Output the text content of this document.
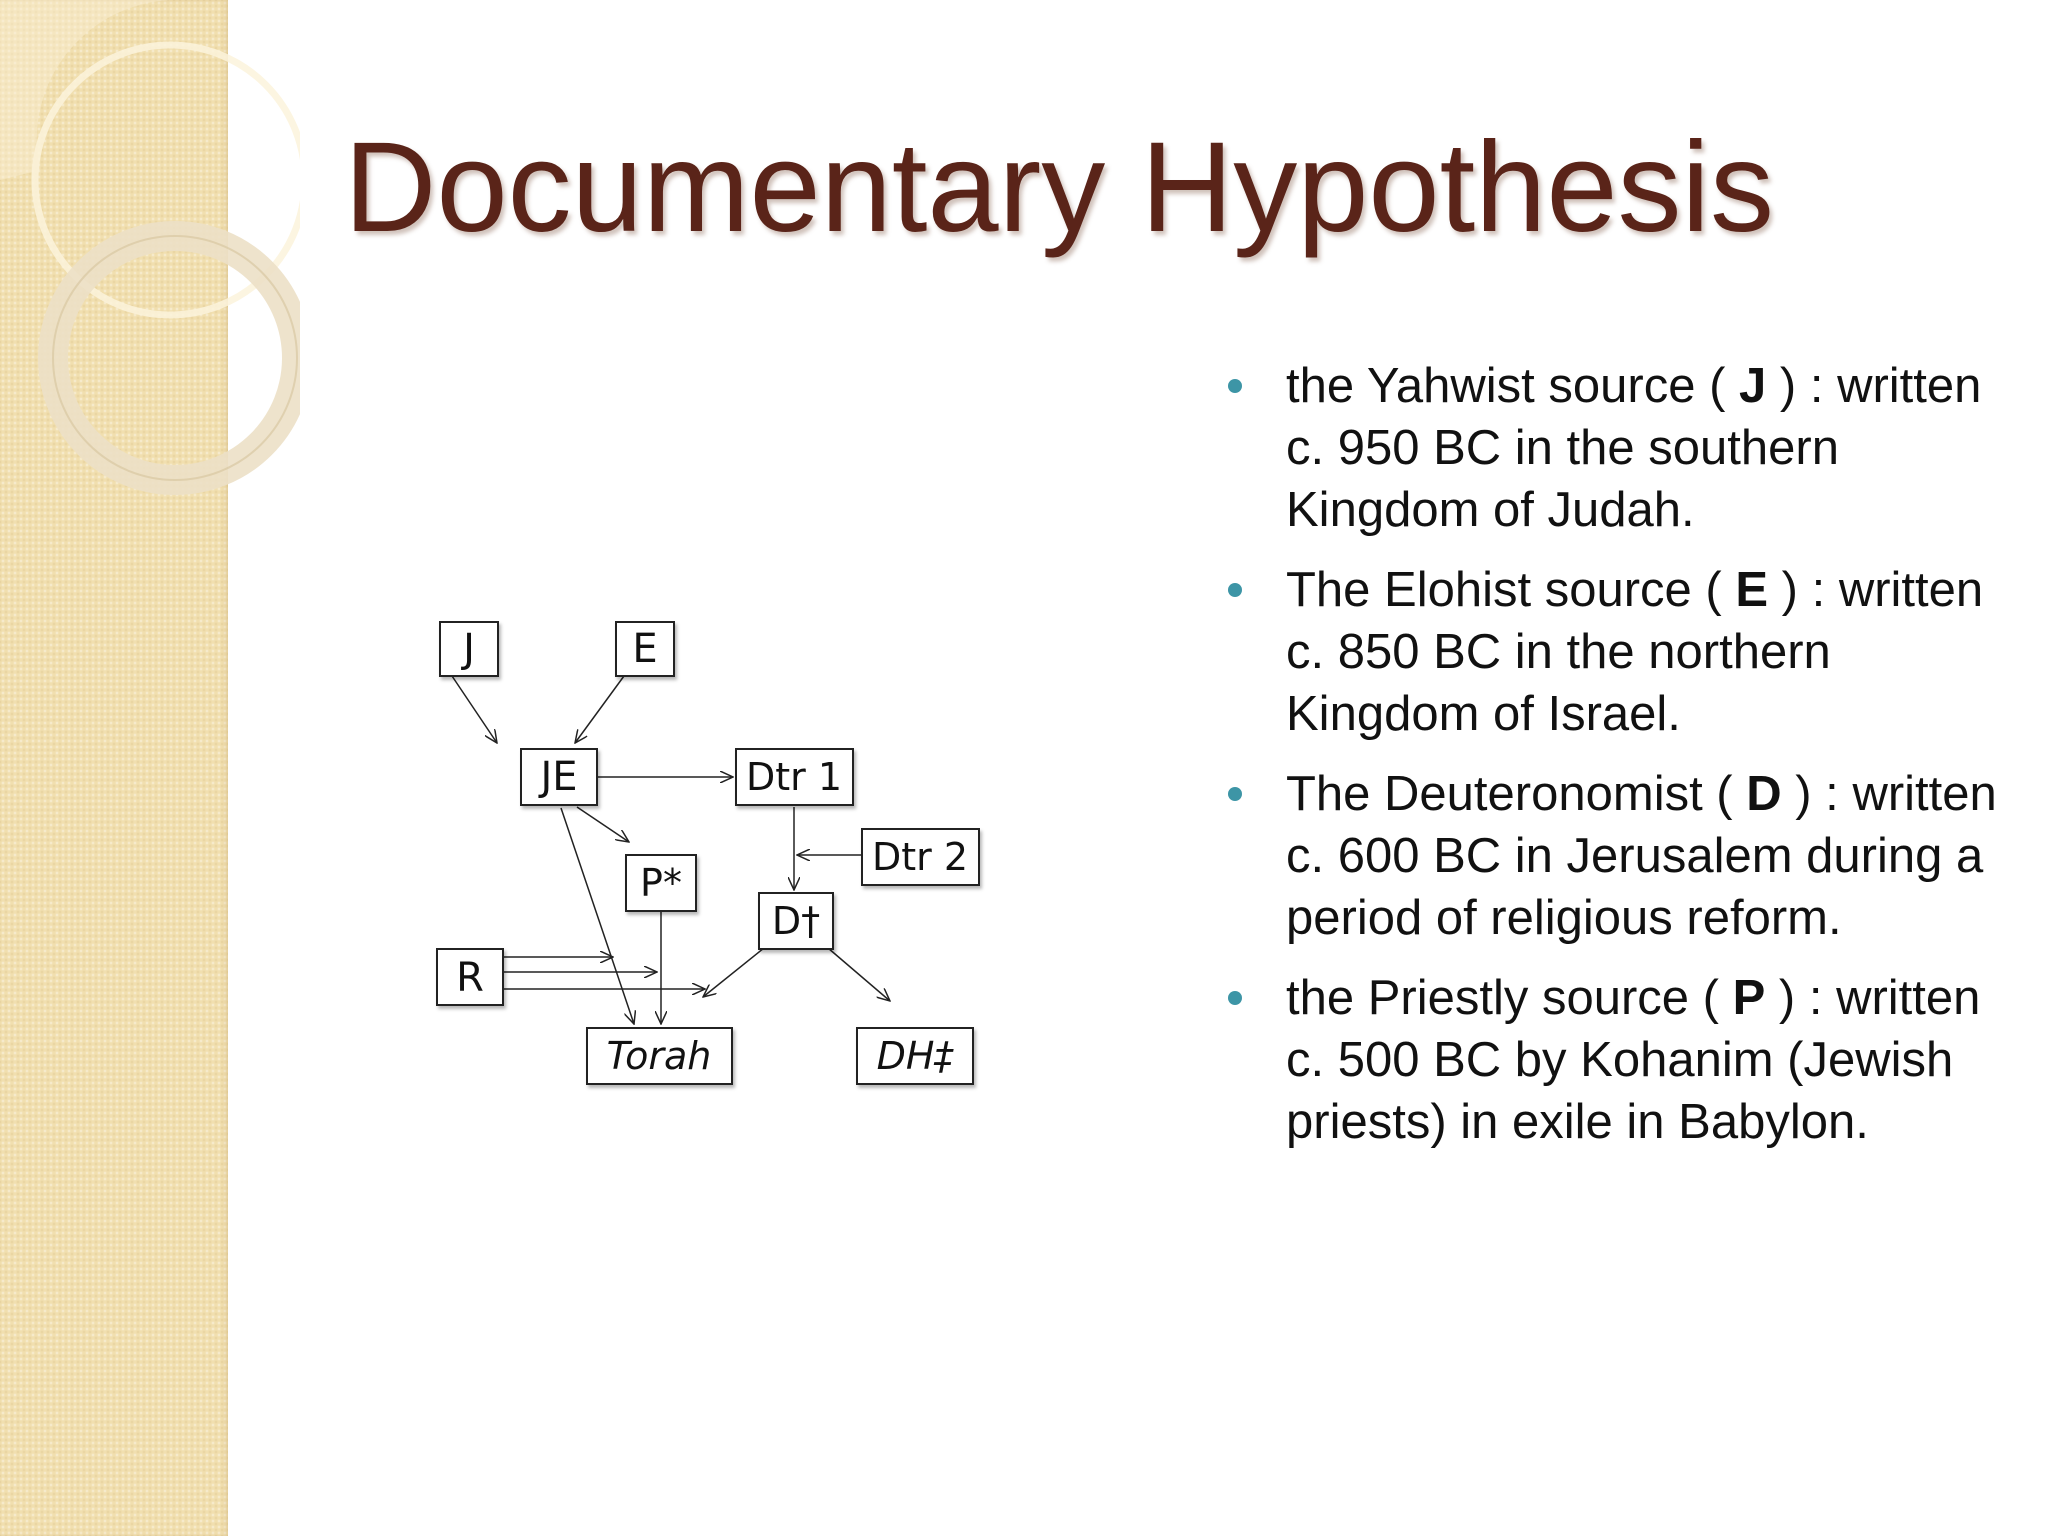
Documentary Hypothesis
J	E
JE	Dtr 1
Dtr 2
P*
D†
R
Torah	DH‡
the Yahwist source ( J ) : written c. 950 BC in the southern Kingdom of Judah.
The Elohist source ( E ) : written c. 850 BC in the northern Kingdom of Israel.
The Deuteronomist ( D ) : written c. 600 BC in Jerusalem during a period of religious reform.
the Priestly source ( P ) : written c. 500 BC by Kohanim (Jewish priests) in exile in Babylon.
